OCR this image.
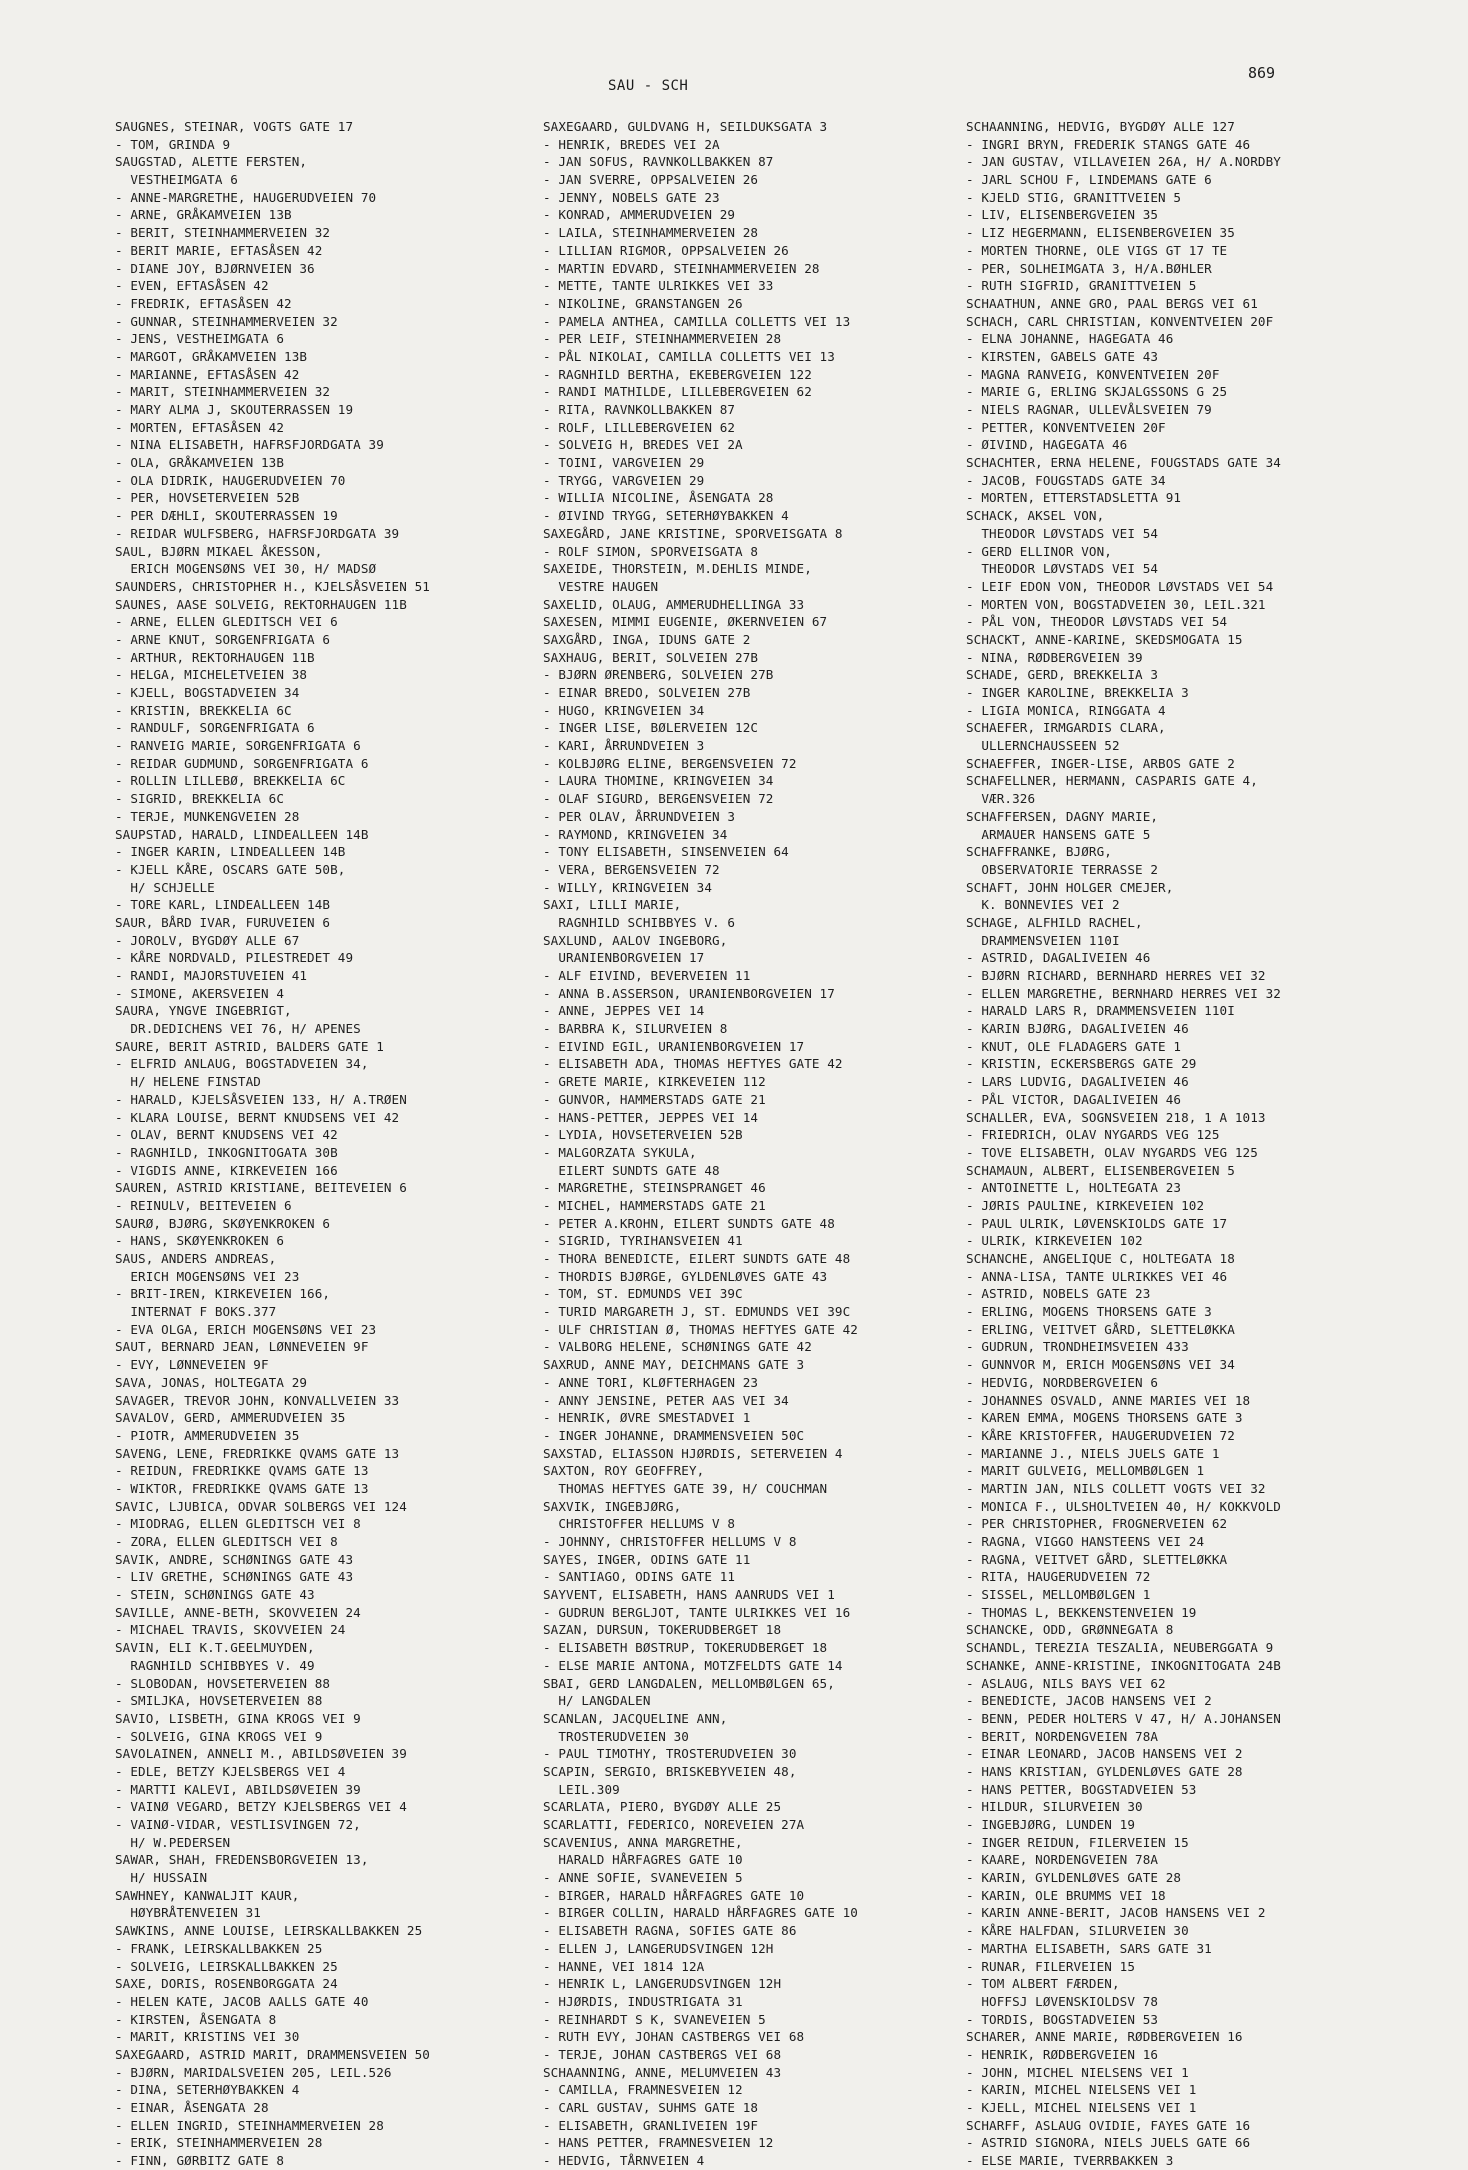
SAU - SCH
869
SAUGNES, STEINAR, VOGTS GATE 17
- TOM, GRINDA 9
SAUGSTAD, ALETTE FERSTEN,
VESTHEIMGATA 6
- ANNE-MARGRETHE, HAUGERUDVEIEN 70
- ARNE, GRÅKAMVEIEN 13B
- BERIT, STEINHAMMERVEIEN 32
- BERIT MARIE, EFTASÅSEN 42
- DIANE JOY, BJØRNVEIEN 36
- EVEN, EFTASÅSEN 42
- FREDRIK, EFTASÅSEN 42
- GUNNAR, STEINHAMMERVEIEN 32
- JENS, VESTHEIMGATA 6
- MARGOT, GRÅKAMVEIEN 13B
- MARIANNE, EFTASÅSEN 42
- MARIT, STEINHAMMERVEIEN 32
- MARY ALMA J, SKOUTERRASSEN 19
- MORTEN, EFTASÅSEN 42
- NINA ELISABETH, HAFRSFJORDGATA 39
- OLA, GRÅKAMVEIEN 13B
- OLA DIDRIK, HAUGERUDVEIEN 70
- PER, HOVSETERVEIEN 52B
- PER DÆHLI, SKOUTERRASSEN 19
- REIDAR WULFSBERG, HAFRSFJORDGATA 39
SAUL, BJØRN MIKAEL ÅKESSON,
ERICH MOGENSØNS VEI 30, H/ MADSØ
SAUNDERS, CHRISTOPHER H., KJELSÅSVEIEN 51
SAUNES, AASE SOLVEIG, REKTORHAUGEN 11B
- ARNE, ELLEN GLEDITSCH VEI 6
- ARNE KNUT, SORGENFRIGATA 6
- ARTHUR, REKTORHAUGEN 11B
- HELGA, MICHELETVEIEN 38
- KJELL, BOGSTADVEIEN 34
- KRISTIN, BREKKELIA 6C
- RANDULF, SORGENFRIGATA 6
- RANVEIG MARIE, SORGENFRIGATA 6
- REIDAR GUDMUND, SORGENFRIGATA 6
- ROLLIN LILLEBØ, BREKKELIA 6C
- SIGRID, BREKKELIA 6C
- TERJE, MUNKENGVEIEN 28
SAUPSTAD, HARALD, LINDEALLEEN 14B
- INGER KARIN, LINDEALLEEN 14B
- KJELL KÅRE, OSCARS GATE 50B,
H/ SCHJELLE
- TORE KARL, LINDEALLEEN 14B
SAUR, BÅRD IVAR, FURUVEIEN 6
- JOROLV, BYGDØY ALLE 67
- KÅRE NORDVALD, PILESTREDET 49
- RANDI, MAJORSTUVEIEN 41
- SIMONE, AKERSVEIEN 4
SAURA, YNGVE INGEBRIGT,
DR.DEDICHENS VEI 76, H/ APENES
SAURE, BERIT ASTRID, BALDERS GATE 1
- ELFRID ANLAUG, BOGSTADVEIEN 34,
H/ HELENE FINSTAD
- HARALD, KJELSÅSVEIEN 133, H/ A.TRØEN
- KLARA LOUISE, BERNT KNUDSENS VEI 42
- OLAV, BERNT KNUDSENS VEI 42
- RAGNHILD, INKOGNITOGATA 30B
- VIGDIS ANNE, KIRKEVEIEN 166
SAUREN, ASTRID KRISTIANE, BEITEVEIEN 6
- REINULV, BEITEVEIEN 6
SAURØ, BJØRG, SKØYENKROKEN 6
- HANS, SKØYENKROKEN 6
SAUS, ANDERS ANDREAS,
ERICH MOGENSØNS VEI 23
- BRIT-IREN, KIRKEVEIEN 166,
INTERNAT F BOKS.377
- EVA OLGA, ERICH MOGENSØNS VEI 23
SAUT, BERNARD JEAN, LØNNEVEIEN 9F
- EVY, LØNNEVEIEN 9F
SAVA, JONAS, HOLTEGATA 29
SAVAGER, TREVOR JOHN, KONVALLVEIEN 33
SAVALOV, GERD, AMMERUDVEIEN 35
- PIOTR, AMMERUDVEIEN 35
SAVENG, LENE, FREDRIKKE QVAMS GATE 13
- REIDUN, FREDRIKKE QVAMS GATE 13
- WIKTOR, FREDRIKKE QVAMS GATE 13
SAVIC, LJUBICA, ODVAR SOLBERGS VEI 124
- MIODRAG, ELLEN GLEDITSCH VEI 8
- ZORA, ELLEN GLEDITSCH VEI 8
SAVIK, ANDRE, SCHØNINGS GATE 43
- LIV GRETHE, SCHØNINGS GATE 43
- STEIN, SCHØNINGS GATE 43
SAVILLE, ANNE-BETH, SKOVVEIEN 24
- MICHAEL TRAVIS, SKOVVEIEN 24
SAVIN, ELI K.T.GEELMUYDEN,
RAGNHILD SCHIBBYES V. 49
- SLOBODAN, HOVSETERVEIEN 88
- SMILJKA, HOVSETERVEIEN 88
SAVIO, LISBETH, GINA KROGS VEI 9
- SOLVEIG, GINA KROGS VEI 9
SAVOLAINEN, ANNELI M., ABILDSØVEIEN 39
- EDLE, BETZY KJELSBERGS VEI 4
- MARTTI KALEVI, ABILDSØVEIEN 39
- VAINØ VEGARD, BETZY KJELSBERGS VEI 4
- VAINØ-VIDAR, VESTLISVINGEN 72,
H/ W.PEDERSEN
SAWAR, SHAH, FREDENSBORGVEIEN 13,
H/ HUSSAIN
SAWHNEY, KANWALJIT KAUR,
HØYBRÅTENVEIEN 31
SAWKINS, ANNE LOUISE, LEIRSKALLBAKKEN 25
- FRANK, LEIRSKALLBAKKEN 25
- SOLVEIG, LEIRSKALLBAKKEN 25
SAXE, DORIS, ROSENBORGGATA 24
- HELEN KATE, JACOB AALLS GATE 40
- KIRSTEN, ÅSENGATA 8
- MARIT, KRISTINS VEI 30
SAXEGAARD, ASTRID MARIT, DRAMMENSVEIEN 50
- BJØRN, MARIDALSVEIEN 205, LEIL.526
- DINA, SETERHØYBAKKEN 4
- EINAR, ÅSENGATA 28
- ELLEN INGRID, STEINHAMMERVEIEN 28
- ERIK, STEINHAMMERVEIEN 28
- FINN, GØRBITZ GATE 8
SAXEGAARD, GULDVANG H, SEILDUKSGATA 3
- HENRIK, BREDES VEI 2A
- JAN SOFUS, RAVNKOLLBAKKEN 87
- JAN SVERRE, OPPSALVEIEN 26
- JENNY, NOBELS GATE 23
- KONRAD, AMMERUDVEIEN 29
- LAILA, STEINHAMMERVEIEN 28
- LILLIAN RIGMOR, OPPSALVEIEN 26
- MARTIN EDVARD, STEINHAMMERVEIEN 28
- METTE, TANTE ULRIKKES VEI 33
- NIKOLINE, GRANSTANGEN 26
- PAMELA ANTHEA, CAMILLA COLLETTS VEI 13
- PER LEIF, STEINHAMMERVEIEN 28
- PÅL NIKOLAI, CAMILLA COLLETTS VEI 13
- RAGNHILD BERTHA, EKEBERGVEIEN 122
- RANDI MATHILDE, LILLEBERGVEIEN 62
- RITA, RAVNKOLLBAKKEN 87
- ROLF, LILLEBERGVEIEN 62
- SOLVEIG H, BREDES VEI 2A
- TOINI, VARGVEIEN 29
- TRYGG, VARGVEIEN 29
- WILLIA NICOLINE, ÅSENGATA 28
- ØIVIND TRYGG, SETERHØYBAKKEN 4
SAXEGÅRD, JANE KRISTINE, SPORVEISGATA 8
- ROLF SIMON, SPORVEISGATA 8
SAXEIDE, THORSTEIN, M.DEHLIS MINDE,
VESTRE HAUGEN
SAXELID, OLAUG, AMMERUDHELLINGA 33
SAXESEN, MIMMI EUGENIE, ØKERNVEIEN 67
SAXGÅRD, INGA, IDUNS GATE 2
SAXHAUG, BERIT, SOLVEIEN 27B
- BJØRN ØRENBERG, SOLVEIEN 27B
- EINAR BREDO, SOLVEIEN 27B
- HUGO, KRINGVEIEN 34
- INGER LISE, BØLERVEIEN 12C
- KARI, ÅRRUNDVEIEN 3
- KOLBJØRG ELINE, BERGENSVEIEN 72
- LAURA THOMINE, KRINGVEIEN 34
- OLAF SIGURD, BERGENSVEIEN 72
- PER OLAV, ÅRRUNDVEIEN 3
- RAYMOND, KRINGVEIEN 34
- TONY ELISABETH, SINSENVEIEN 64
- VERA, BERGENSVEIEN 72
- WILLY, KRINGVEIEN 34
SAXI, LILLI MARIE,
RAGNHILD SCHIBBYES V. 6
SAXLUND, AALOV INGEBORG,
URANIENBORGVEIEN 17
- ALF EIVIND, BEVERVEIEN 11
- ANNA B.ASSERSON, URANIENBORGVEIEN 17
- ANNE, JEPPES VEI 14
- BARBRA K, SILURVEIEN 8
- EIVIND EGIL, URANIENBORGVEIEN 17
- ELISABETH ADA, THOMAS HEFTYES GATE 42
- GRETE MARIE, KIRKEVEIEN 112
- GUNVOR, HAMMERSTADS GATE 21
- HANS-PETTER, JEPPES VEI 14
- LYDIA, HOVSETERVEIEN 52B
- MALGORZATA SYKULA,
EILERT SUNDTS GATE 48
- MARGRETHE, STEINSPRANGET 46
- MICHEL, HAMMERSTADS GATE 21
- PETER A.KROHN, EILERT SUNDTS GATE 48
- SIGRID, TYRIHANSVEIEN 41
- THORA BENEDICTE, EILERT SUNDTS GATE 48
- THORDIS BJØRGE, GYLDENLØVES GATE 43
- TOM, ST. EDMUNDS VEI 39C
- TURID MARGARETH J, ST. EDMUNDS VEI 39C
- ULF CHRISTIAN Ø, THOMAS HEFTYES GATE 42
- VALBORG HELENE, SCHØNINGS GATE 42
SAXRUD, ANNE MAY, DEICHMANS GATE 3
- ANNE TORI, KLØFTERHAGEN 23
- ANNY JENSINE, PETER AAS VEI 34
- HENRIK, ØVRE SMESTADVEI 1
- INGER JOHANNE, DRAMMENSVEIEN 50C
SAXSTAD, ELIASSON HJØRDIS, SETERVEIEN 4
SAXTON, ROY GEOFFREY,
THOMAS HEFTYES GATE 39, H/ COUCHMAN
SAXVIK, INGEBJØRG,
CHRISTOFFER HELLUMS V 8
- JOHNNY, CHRISTOFFER HELLUMS V 8
SAYES, INGER, ODINS GATE 11
- SANTIAGO, ODINS GATE 11
SAYVENT, ELISABETH, HANS AANRUDS VEI 1
- GUDRUN BERGLJOT, TANTE ULRIKKES VEI 16
SAZAN, DURSUN, TOKERUDBERGET 18
- ELISABETH BØSTRUP, TOKERUDBERGET 18
- ELSE MARIE ANTONA, MOTZFELDTS GATE 14
SBAI, GERD LANGDALEN, MELLOMBØLGEN 65,
H/ LANGDALEN
SCANLAN, JACQUELINE ANN,
TROSTERUDVEIEN 30
- PAUL TIMOTHY, TROSTERUDVEIEN 30
SCAPIN, SERGIO, BRISKEBYVEIEN 48,
LEIL.309
SCARLATA, PIERO, BYGDØY ALLE 25
SCARLATTI, FEDERICO, NOREVEIEN 27A
SCAVENIUS, ANNA MARGRETHE,
HARALD HÅRFAGRES GATE 10
- ANNE SOFIE, SVANEVEIEN 5
- BIRGER, HARALD HÅRFAGRES GATE 10
- BIRGER COLLIN, HARALD HÅRFAGRES GATE 10
- ELISABETH RAGNA, SOFIES GATE 86
- ELLEN J, LANGERUDSVINGEN 12H
- HANNE, VEI 1814 12A
- HENRIK L, LANGERUDSVINGEN 12H
- HJØRDIS, INDUSTRIGATA 31
- REINHARDT S K, SVANEVEIEN 5
- RUTH EVY, JOHAN CASTBERGS VEI 68
- TERJE, JOHAN CASTBERGS VEI 68
SCHAANNING, ANNE, MELUMVEIEN 43
- CAMILLA, FRAMNESVEIEN 12
- CARL GUSTAV, SUHMS GATE 18
- ELISABETH, GRANLIVEIEN 19F
- HANS PETTER, FRAMNESVEIEN 12
- HEDVIG, TÅRNVEIEN 4
SCHAANNING, HEDVIG, BYGDØY ALLE 127
- INGRI BRYN, FREDERIK STANGS GATE 46
- JAN GUSTAV, VILLAVEIEN 26A, H/ A.NORDBY
- JARL SCHOU F, LINDEMANS GATE 6
- KJELD STIG, GRANITTVEIEN 5
- LIV, ELISENBERGVEIEN 35
- LIZ HEGERMANN, ELISENBERGVEIEN 35
- MORTEN THORNE, OLE VIGS GT 17 TE
- PER, SOLHEIMGATA 3, H/A.BØHLER
- RUTH SIGFRID, GRANITTVEIEN 5
SCHAATHUN, ANNE GRO, PAAL BERGS VEI 61
SCHACH, CARL CHRISTIAN, KONVENTVEIEN 20F
- ELNA JOHANNE, HAGEGATA 46
- KIRSTEN, GABELS GATE 43
- MAGNA RANVEIG, KONVENTVEIEN 20F
- MARIE G, ERLING SKJALGSSONS G 25
- NIELS RAGNAR, ULLEVÅLSVEIEN 79
- PETTER, KONVENTVEIEN 20F
- ØIVIND, HAGEGATA 46
SCHACHTER, ERNA HELENE, FOUGSTADS GATE 34
- JACOB, FOUGSTADS GATE 34
- MORTEN, ETTERSTADSLETTA 91
SCHACK, AKSEL VON,
THEODOR LØVSTADS VEI 54
- GERD ELLINOR VON,
THEODOR LØVSTADS VEI 54
- LEIF EDON VON, THEODOR LØVSTADS VEI 54
- MORTEN VON, BOGSTADVEIEN 30, LEIL.321
- PÅL VON, THEODOR LØVSTADS VEI 54
SCHACKT, ANNE-KARINE, SKEDSMOGATA 15
- NINA, RØDBERGVEIEN 39
SCHADE, GERD, BREKKELIA 3
- INGER KAROLINE, BREKKELIA 3
- LIGIA MONICA, RINGGATA 4
SCHAEFER, IRMGARDIS CLARA,
ULLERNCHAUSSEEN 52
SCHAEFFER, INGER-LISE, ARBOS GATE 2
SCHAFELLNER, HERMANN, CASPARIS GATE 4,
VÆR.326
SCHAFFERSEN, DAGNY MARIE,
ARMAUER HANSENS GATE 5
SCHAFFRANKE, BJØRG,
OBSERVATORIE TERRASSE 2
SCHAFT, JOHN HOLGER CMEJER,
K. BONNEVIES VEI 2
SCHAGE, ALFHILD RACHEL,
DRAMMENSVEIEN 110I
- ASTRID, DAGALIVEIEN 46
- BJØRN RICHARD, BERNHARD HERRES VEI 32
- ELLEN MARGRETHE, BERNHARD HERRES VEI 32
- HARALD LARS R, DRAMMENSVEIEN 110I
- KARIN BJØRG, DAGALIVEIEN 46
- KNUT, OLE FLADAGERS GATE 1
- KRISTIN, ECKERSBERGS GATE 29
- LARS LUDVIG, DAGALIVEIEN 46
- PÅL VICTOR, DAGALIVEIEN 46
SCHALLER, EVA, SOGNSVEIEN 218, 1 A 1013
- FRIEDRICH, OLAV NYGARDS VEG 125
- TOVE ELISABETH, OLAV NYGARDS VEG 125
SCHAMAUN, ALBERT, ELISENBERGVEIEN 5
- ANTOINETTE L, HOLTEGATA 23
- JØRIS PAULINE, KIRKEVEIEN 102
- PAUL ULRIK, LØVENSKIOLDS GATE 17
- ULRIK, KIRKEVEIEN 102
SCHANCHE, ANGELIQUE C, HOLTEGATA 18
- ANNA-LISA, TANTE ULRIKKES VEI 46
- ASTRID, NOBELS GATE 23
- ERLING, MOGENS THORSENS GATE 3
- ERLING, VEITVET GÅRD, SLETTELØKKA
- GUDRUN, TRONDHEIMSVEIEN 433
- GUNNVOR M, ERICH MOGENSØNS VEI 34
- HEDVIG, NORDBERGVEIEN 6
- JOHANNES OSVALD, ANNE MARIES VEI 18
- KAREN EMMA, MOGENS THORSENS GATE 3
- KÅRE KRISTOFFER, HAUGERUDVEIEN 72
- MARIANNE J., NIELS JUELS GATE 1
- MARIT GULVEIG, MELLOMBØLGEN 1
- MARTIN JAN, NILS COLLETT VOGTS VEI 32
- MONICA F., ULSHOLTVEIEN 40, H/ KOKKVOLD
- PER CHRISTOPHER, FROGNERVEIEN 62
- RAGNA, VIGGO HANSTEENS VEI 24
- RAGNA, VEITVET GÅRD, SLETTELØKKA
- RITA, HAUGERUDVEIEN 72
- SISSEL, MELLOMBØLGEN 1
- THOMAS L, BEKKENSTENVEIEN 19
SCHANCKE, ODD, GRØNNEGATA 8
SCHANDL, TEREZIA TESZALIA, NEUBERGGATA 9
SCHANKE, ANNE-KRISTINE, INKOGNITOGATA 24B
- ASLAUG, NILS BAYS VEI 62
- BENEDICTE, JACOB HANSENS VEI 2
- BENN, PEDER HOLTERS V 47, H/ A.JOHANSEN
- BERIT, NORDENGVEIEN 78A
- EINAR LEONARD, JACOB HANSENS VEI 2
- HANS KRISTIAN, GYLDENLØVES GATE 28
- HANS PETTER, BOGSTADVEIEN 53
- HILDUR, SILURVEIEN 30
- INGEBJØRG, LUNDEN 19
- INGER REIDUN, FILERVEIEN 15
- KAARE, NORDENGVEIEN 78A
- KARIN, GYLDENLØVES GATE 28
- KARIN, OLE BRUMMS VEI 18
- KARIN ANNE-BERIT, JACOB HANSENS VEI 2
- KÅRE HALFDAN, SILURVEIEN 30
- MARTHA ELISABETH, SARS GATE 31
- RUNAR, FILERVEIEN 15
- TOM ALBERT FÆRDEN,
HOFFSJ LØVENSKIOLDSV 78
- TORDIS, BOGSTADVEIEN 53
SCHARER, ANNE MARIE, RØDBERGVEIEN 16
- HENRIK, RØDBERGVEIEN 16
- JOHN, MICHEL NIELSENS VEI 1
- KARIN, MICHEL NIELSENS VEI 1
- KJELL, MICHEL NIELSENS VEI 1
SCHARFF, ASLAUG OVIDIE, FAYES GATE 16
- ASTRID SIGNORA, NIELS JUELS GATE 66
- ELSE MARIE, TVERRBAKKEN 3
